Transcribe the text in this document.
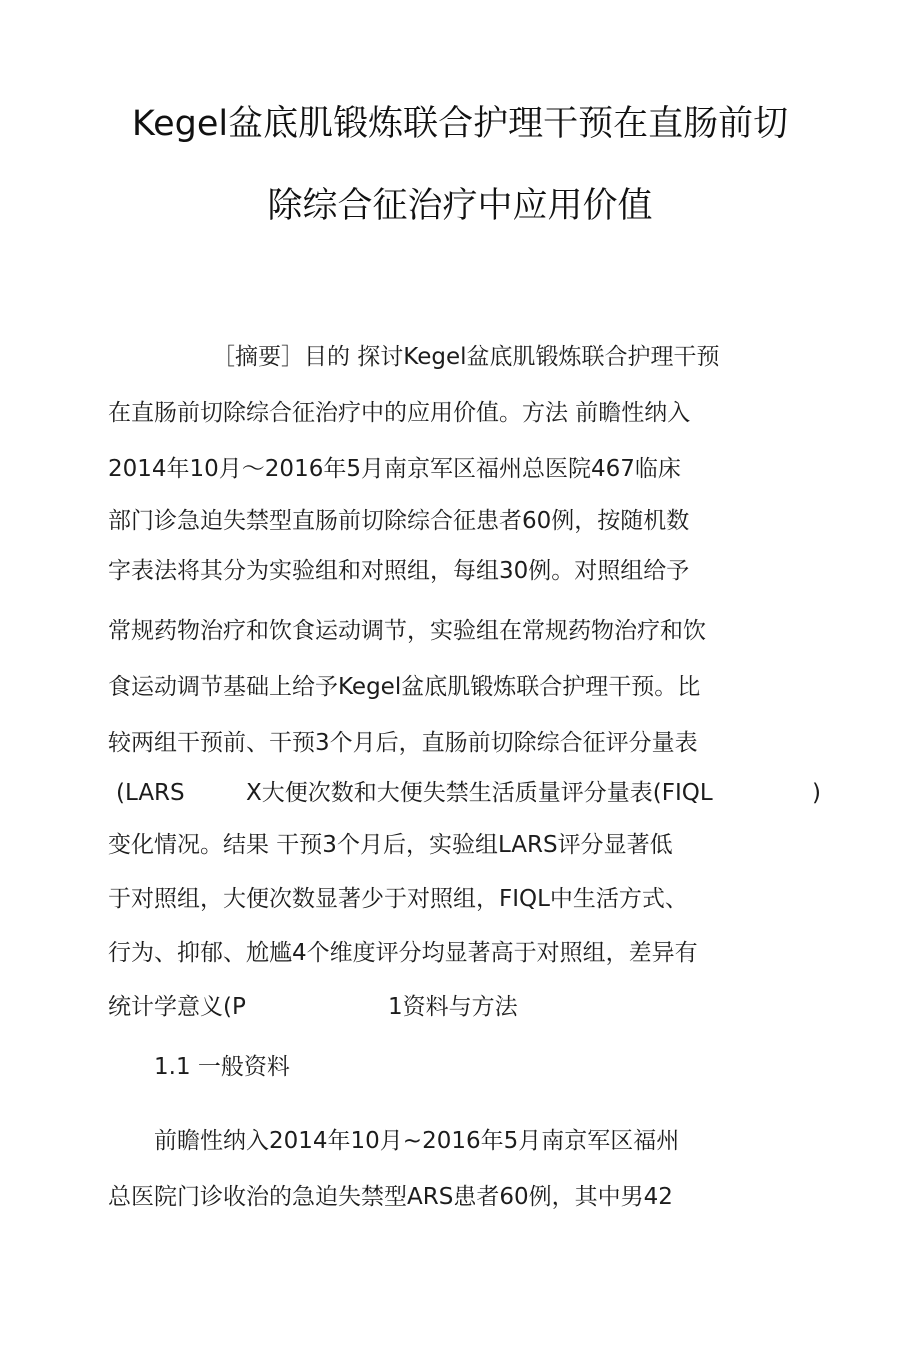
Kegel盆底肌锻炼联合护理干预在直肠前切
除综合征治疗中应用价值
［摘要］目的 探讨Kegel盆底肌锻炼联合护理干预
在直肠前切除综合征治疗中的应用价值。方法 前瞻性纳入
2014年10月～2016年5月南京军区福州总医院467临床
部门诊急迫失禁型直肠前切除综合征患者60例，按随机数
字表法将其分为实验组和对照组，每组30例。对照组给予
常规药物治疗和饮食运动调节，实验组在常规药物治疗和饮
食运动调节基础上给予Kegel盆底肌锻炼联合护理干预。比
较两组干预前、干预3个月后，直肠前切除综合征评分量表
(LARS	X大便次数和大便失禁生活质量评分量表(FIQL	)
变化情况。结果 干预3个月后，实验组LARS评分显著低
于对照组，大便次数显著少于对照组，FIQL中生活方式、
行为、抑郁、尬尴4个维度评分均显著高于对照组，差异有
统计学意义(P	1资料与方法
1.1 一般资料
前瞻性纳入2014年10月~2016年5月南京军区福州
总医院门诊收治的急迫失禁型ARS患者60例，其中男42
